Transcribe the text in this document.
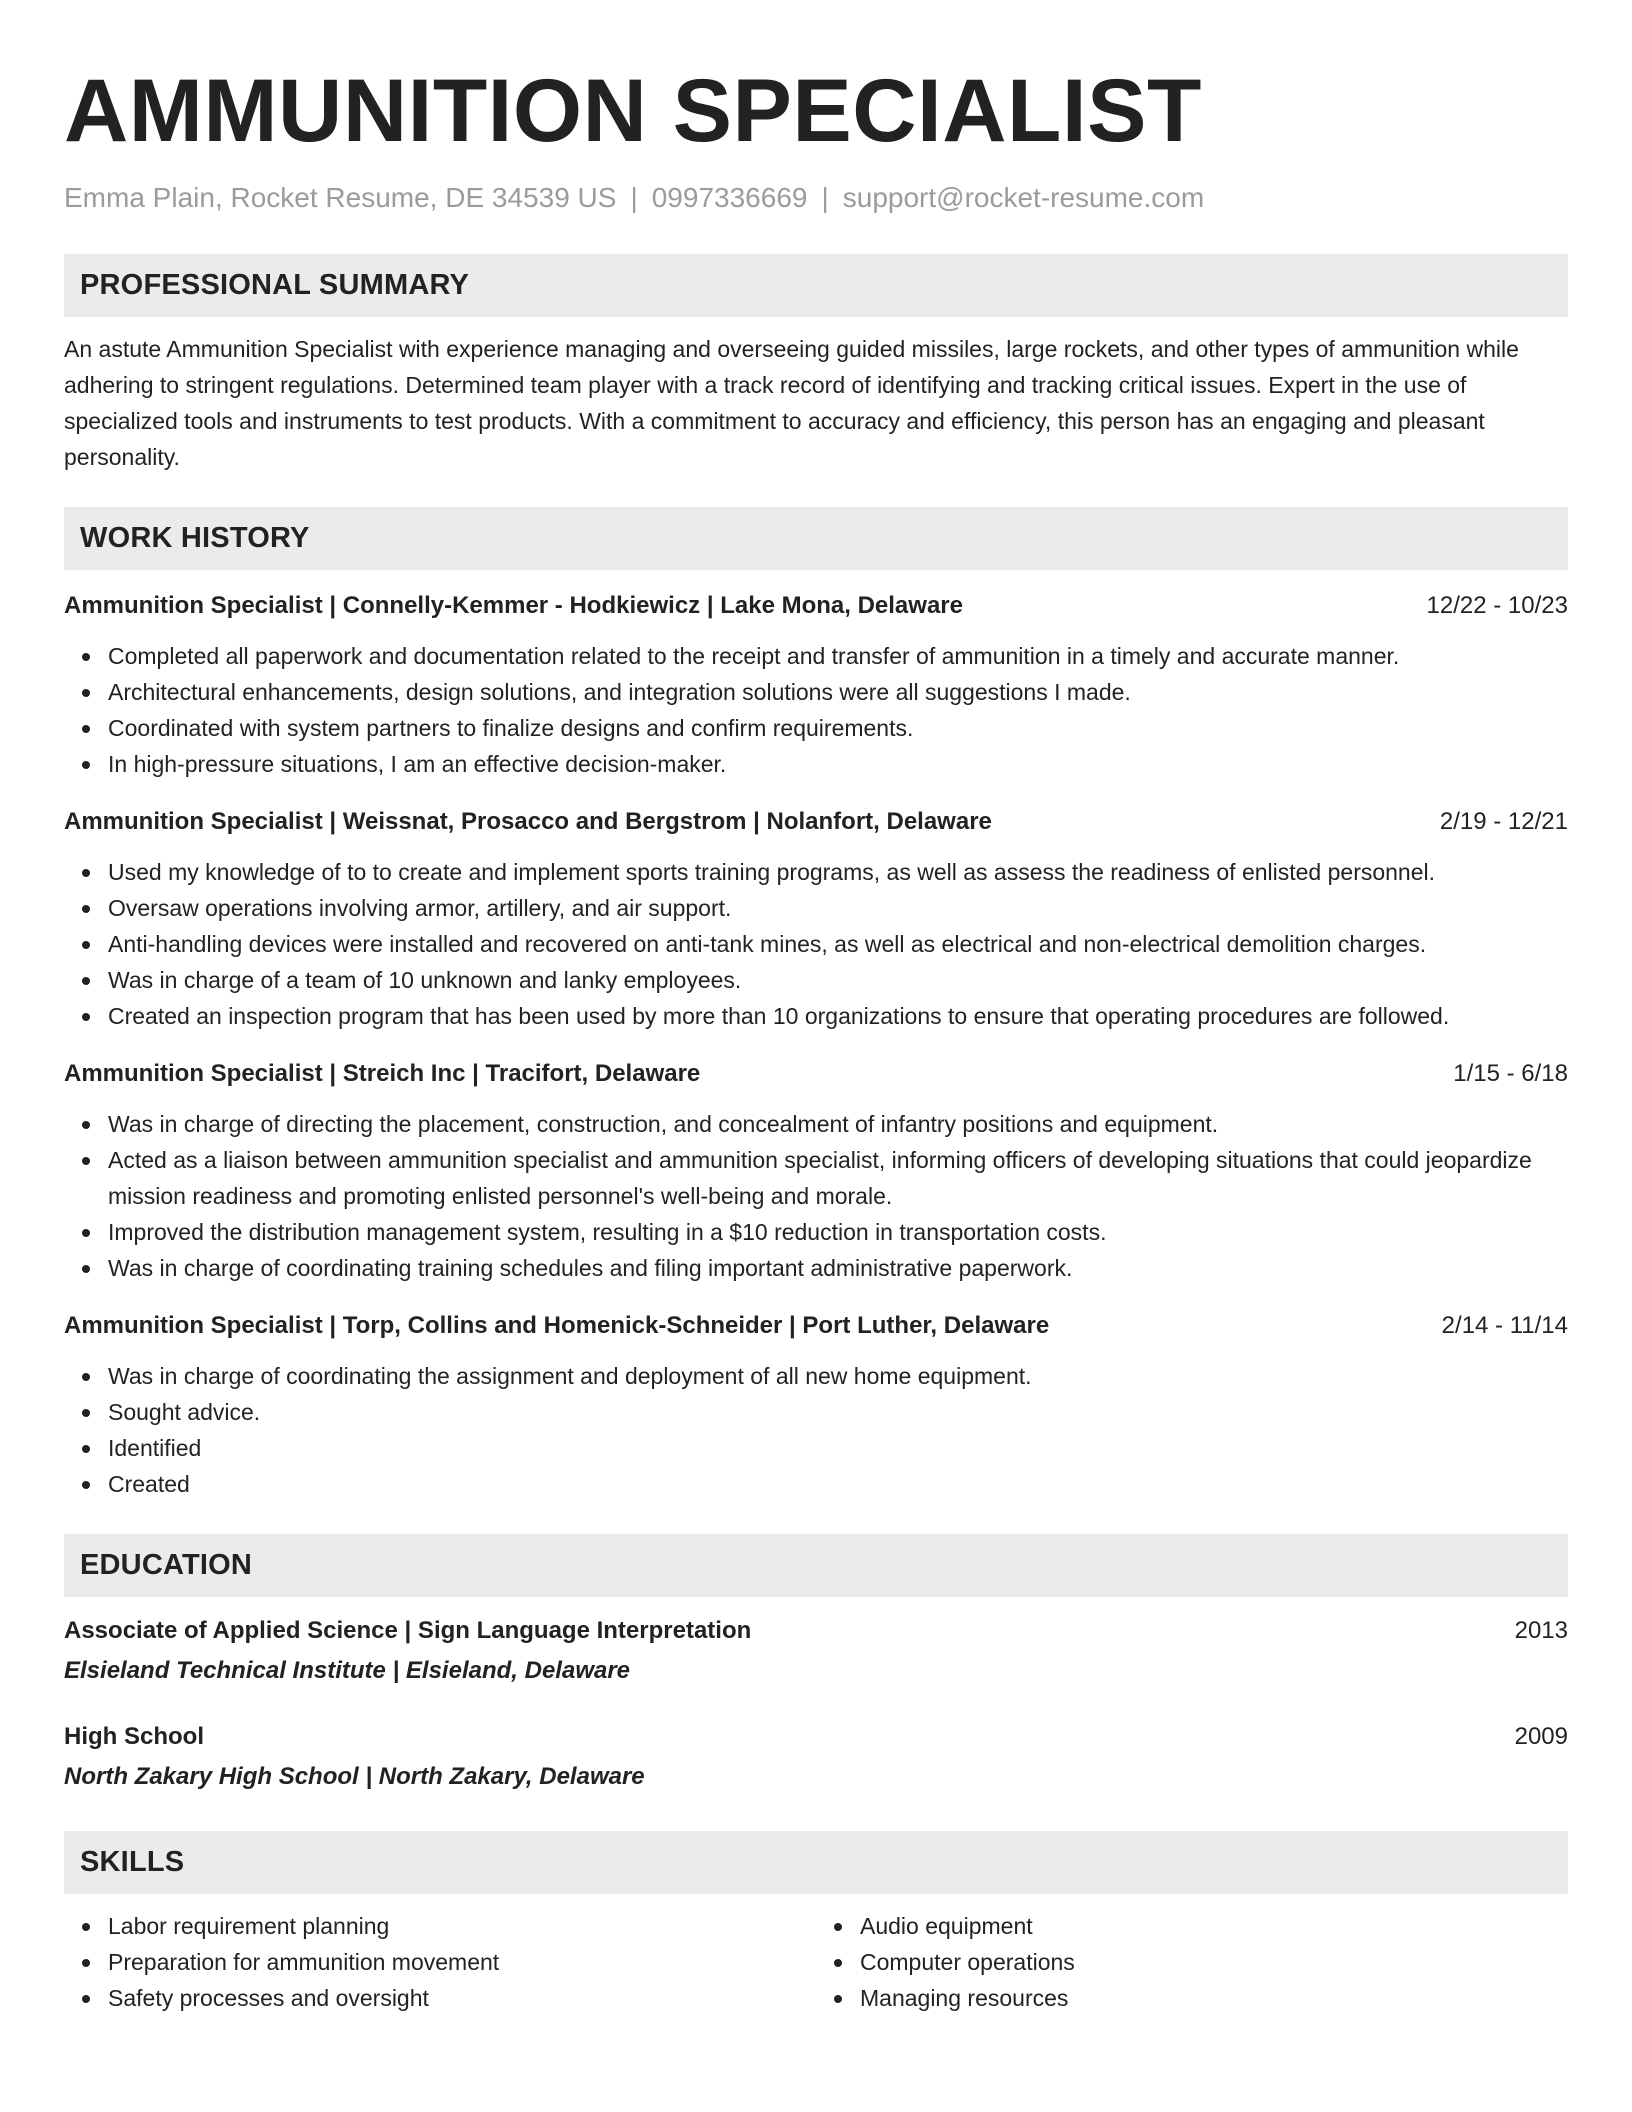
AMMUNITION SPECIALIST
Emma Plain, Rocket Resume, DE 34539 US | 0997336669 | support@rocket-resume.com
PROFESSIONAL SUMMARY

An astute Ammunition Specialist with experience managing and overseeing guided missiles, large rockets, and other types of ammunition while adhering to stringent regulations. Determined team player with a track record of identifying and tracking critical issues. Expert in the use of specialized tools and instruments to test products. With a commitment to accuracy and efficiency, this person has an engaging and pleasant personality.

WORK HISTORY
Ammunition Specialist | Connelly-Kemmer - Hodkiewicz | Lake Mona, Delaware	12/22 - 10/23
Completed all paperwork and documentation related to the receipt and transfer of ammunition in a timely and accurate manner.
Architectural enhancements, design solutions, and integration solutions were all suggestions I made.
Coordinated with system partners to finalize designs and confirm requirements.
In high-pressure situations, I am an effective decision-maker.
Ammunition Specialist | Weissnat, Prosacco and Bergstrom | Nolanfort, Delaware	2/19 - 12/21
Used my knowledge of to to create and implement sports training programs, as well as assess the readiness of enlisted personnel.
Oversaw operations involving armor, artillery, and air support.
Anti-handling devices were installed and recovered on anti-tank mines, as well as electrical and non-electrical demolition charges.
Was in charge of a team of 10 unknown and lanky employees.
Created an inspection program that has been used by more than 10 organizations to ensure that operating procedures are followed.
Ammunition Specialist | Streich Inc | Tracifort, Delaware	1/15 - 6/18
Was in charge of directing the placement, construction, and concealment of infantry positions and equipment.
Acted as a liaison between ammunition specialist and ammunition specialist, informing officers of developing situations that could jeopardize mission readiness and promoting enlisted personnel's well-being and morale.
Improved the distribution management system, resulting in a $10 reduction in transportation costs.
Was in charge of coordinating training schedules and filing important administrative paperwork.
Ammunition Specialist | Torp, Collins and Homenick-Schneider | Port Luther, Delaware	2/14 - 11/14
Was in charge of coordinating the assignment and deployment of all new home equipment.
Sought advice.
Identified
Created
EDUCATION
Associate of Applied Science | Sign Language Interpretation	2013
Elsieland Technical Institute | Elsieland, Delaware
High School	2009
North Zakary High School | North Zakary, Delaware
SKILLS
Labor requirement planning
Preparation for ammunition movement
Safety processes and oversight
Audio equipment
Computer operations
Managing resources
